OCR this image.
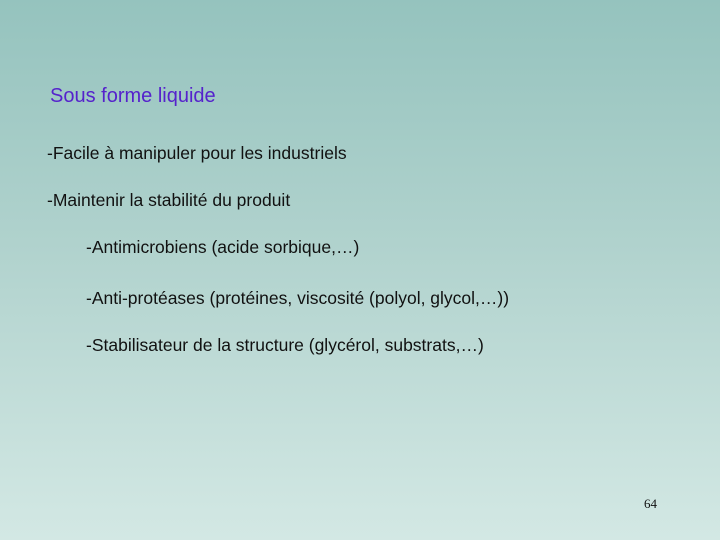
Sous forme liquide
-Facile à manipuler pour les industriels
-Maintenir la stabilité du produit
-Antimicrobiens (acide sorbique,…)
-Anti-protéases (protéines, viscosité (polyol, glycol,…))
-Stabilisateur de la structure (glycérol, substrats,…)
64
